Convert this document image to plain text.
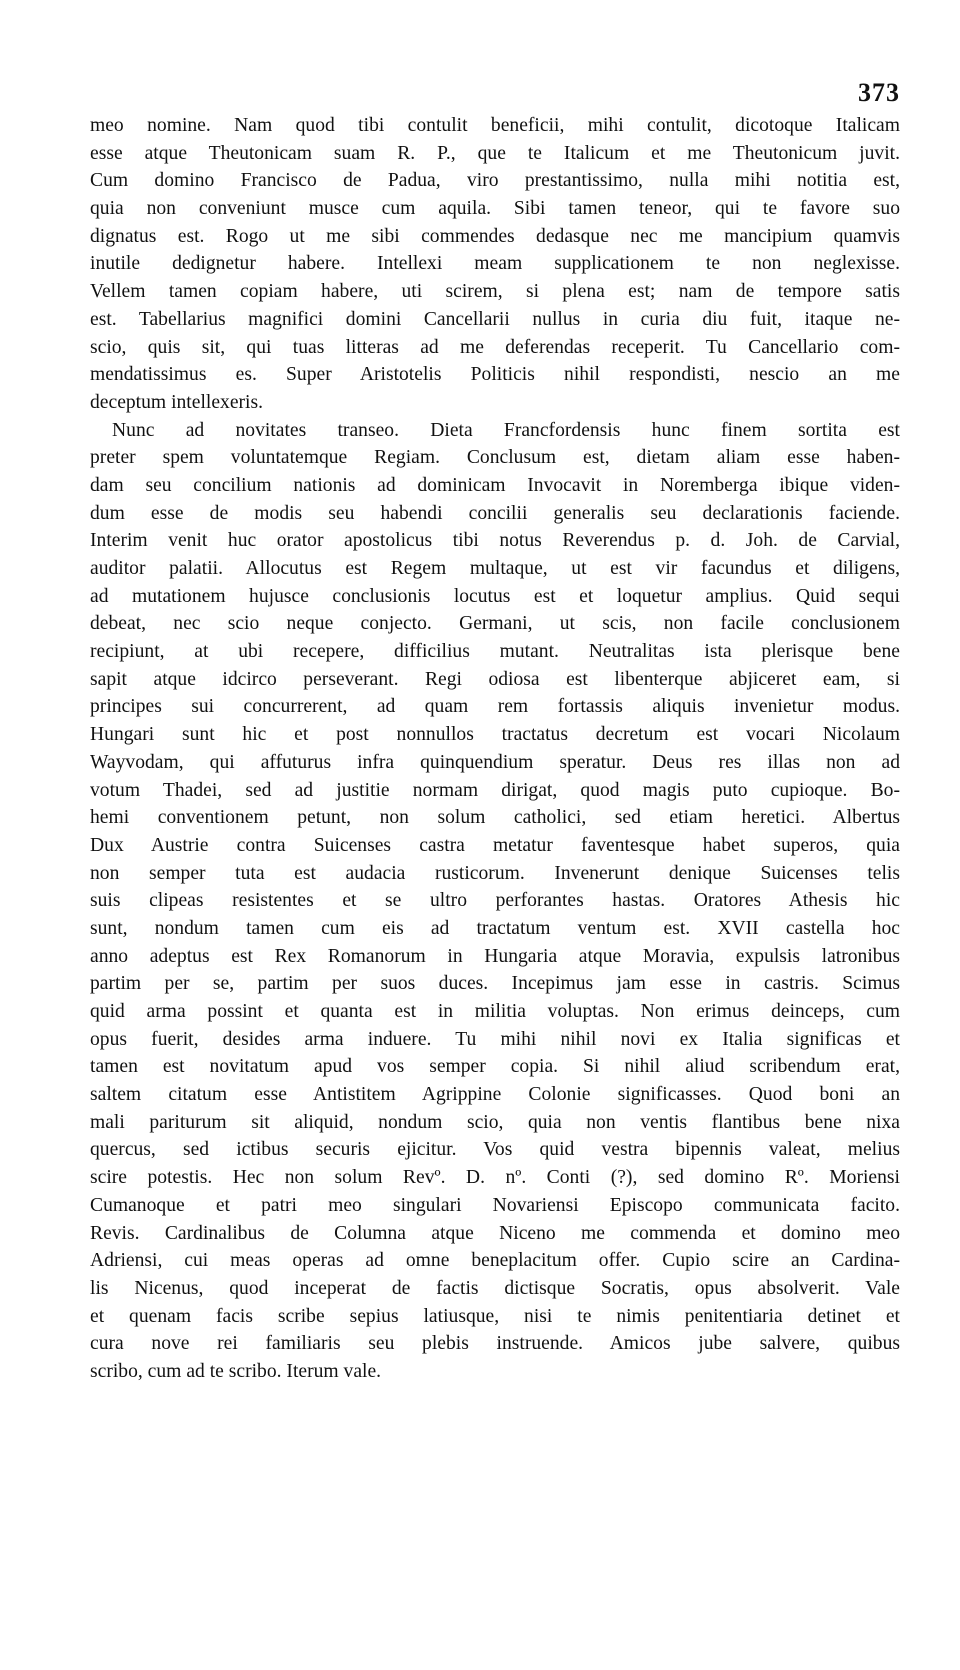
373
meo nomine. Nam quod tibi contulit beneficii, mihi contulit, dicotoque Italicam
esse atque Theutonicam suam R. P., que te Italicum et me Theutonicum juvit.
Cum domino Francisco de Padua, viro prestantissimo, nulla mihi notitia est,
quia non conveniunt musce cum aquila. Sibi tamen teneor, qui te favore suo
dignatus est. Rogo ut me sibi commendes dedasque nec me mancipium quamvis
inutile dedignetur habere. Intellexi meam supplicationem te non neglexisse.
Vellem tamen copiam habere, uti scirem, si plena est; nam de tempore satis
est. Tabellarius magnifici domini Cancellarii nullus in curia diu fuit, itaque ne-
scio, quis sit, qui tuas litteras ad me deferendas receperit. Tu Cancellario com-
mendatissimus es. Super Aristotelis Politicis nihil respondisti, nescio an me
deceptum intellexeris.
Nunc ad novitates transeo. Dieta Francfordensis hunc finem sortita est
preter spem voluntatemque Regiam. Conclusum est, dietam aliam esse haben-
dam seu concilium nationis ad dominicam Invocavit in Noremberga ibique viden-
dum esse de modis seu habendi concilii generalis seu declarationis faciende.
Interim venit huc orator apostolicus tibi notus Reverendus p. d. Joh. de Carvial,
auditor palatii. Allocutus est Regem multaque, ut est vir facundus et diligens,
ad mutationem hujusce conclusionis locutus est et loquetur amplius. Quid sequi
debeat, nec scio neque conjecto. Germani, ut scis, non facile conclusionem
recipiunt, at ubi recepere, difficilius mutant. Neutralitas ista plerisque bene
sapit atque idcirco perseverant. Regi odiosa est libenterque abjiceret eam, si
principes sui concurrerent, ad quam rem fortassis aliquis invenietur modus.
Hungari sunt hic et post nonnullos tractatus decretum est vocari Nicolaum
Wayvodam, qui affuturus infra quinquendium speratur. Deus res illas non ad
votum Thadei, sed ad justitie normam dirigat, quod magis puto cupioque. Bo-
hemi conventionem petunt, non solum catholici, sed etiam heretici. Albertus
Dux Austrie contra Suicenses castra metatur faventesque habet superos, quia
non semper tuta est audacia rusticorum. Invenerunt denique Suicenses telis
suis clipeas resistentes et se ultro perforantes hastas. Oratores Athesis hic
sunt, nondum tamen cum eis ad tractatum ventum est. XVII castella hoc
anno adeptus est Rex Romanorum in Hungaria atque Moravia, expulsis latronibus
partim per se, partim per suos duces. Incepimus jam esse in castris. Scimus
quid arma possint et quanta est in militia voluptas. Non erimus deinceps, cum
opus fuerit, desides arma induere. Tu mihi nihil novi ex Italia significas et
tamen est novitatum apud vos semper copia. Si nihil aliud scribendum erat,
saltem citatum esse Antistitem Agrippine Colonie significasses. Quod boni an
mali pariturum sit aliquid, nondum scio, quia non ventis flantibus bene nixa
quercus, sed ictibus securis ejicitur. Vos quid vestra bipennis valeat, melius
scire potestis. Hec non solum Revº. D. nº. Conti (?), sed domino Rº. Moriensi
Cumanoque et patri meo singulari Novariensi Episcopo communicata facito.
Revis. Cardinalibus de Columna atque Niceno me commenda et domino meo
Adriensi, cui meas operas ad omne beneplacitum offer. Cupio scire an Cardina-
lis Nicenus, quod inceperat de factis dictisque Socratis, opus absolverit. Vale
et quenam facis scribe sepius latiusque, nisi te nimis penitentiaria detinet et
cura nove rei familiaris seu plebis instruende. Amicos jube salvere, quibus
scribo, cum ad te scribo. Iterum vale.
